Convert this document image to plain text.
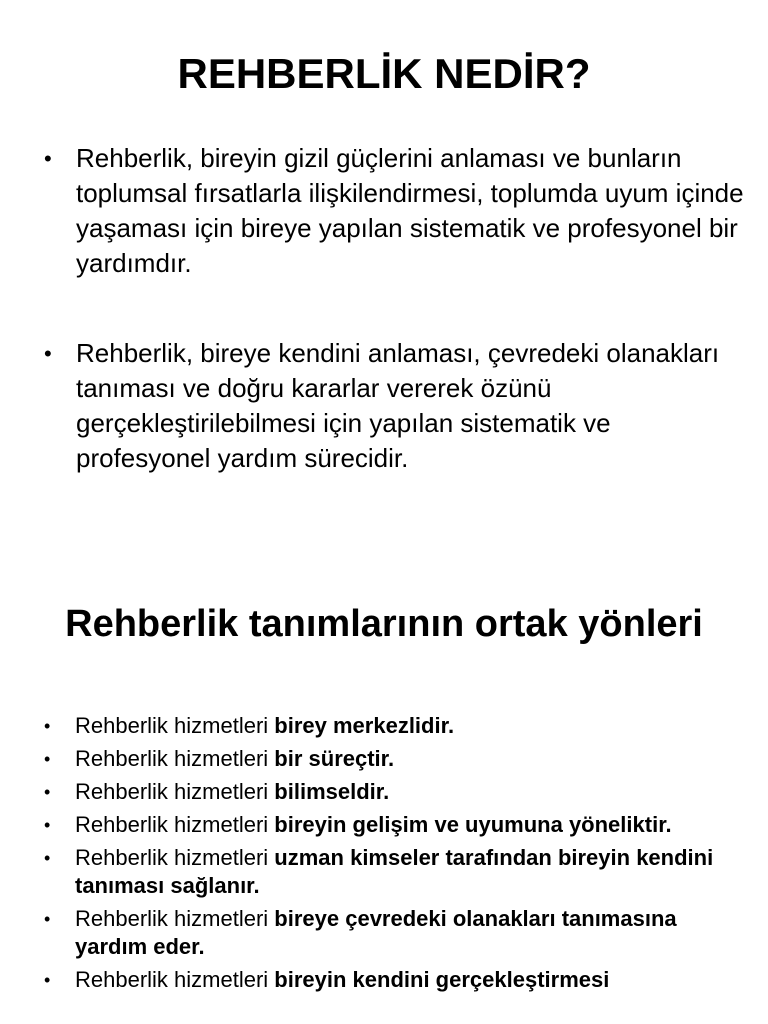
REHBERLİK NEDİR?
• Rehberlik, bireyin gizil güçlerini anlaması ve bunların toplumsal fırsatlarla ilişkilendirmesi, toplumda uyum içinde yaşaması için bireye yapılan sistematik ve profesyonel bir yardımdır.
• Rehberlik, bireye kendini anlaması, çevredeki olanakları tanıması ve doğru kararlar vererek özünü gerçekleştirilebilmesi için yapılan sistematik ve profesyonel yardım sürecidir.
Rehberlik tanımlarının ortak yönleri
• Rehberlik hizmetleri birey merkezlidir.
• Rehberlik hizmetleri bir süreçtir.
• Rehberlik hizmetleri bilimseldir.
• Rehberlik hizmetleri bireyin gelişim ve uyumuna yöneliktir.
• Rehberlik hizmetleri uzman kimseler tarafından bireyin kendini tanıması sağlanır.
• Rehberlik hizmetleri bireye çevredeki olanakları tanımasına yardım eder.
• Rehberlik hizmetleri bireyin kendini gerçekleştirmesi
